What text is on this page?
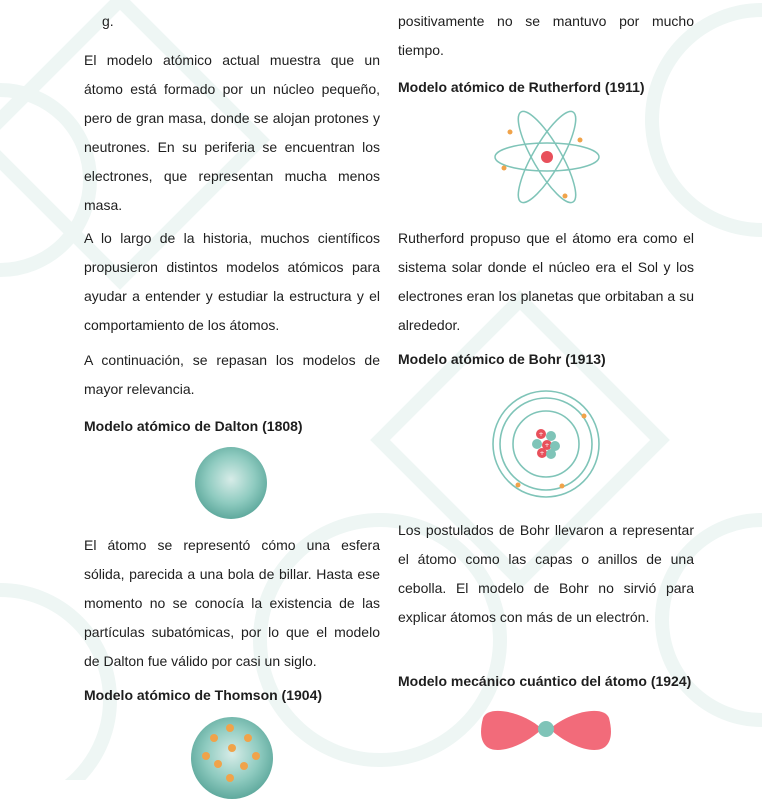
g.

El modelo atómico actual muestra que un átomo está formado por un núcleo pequeño, pero de gran masa, donde se alojan protones y neutrones. En su periferia se encuentran los electrones, que representan mucha menos masa.

A lo largo de la historia, muchos científicos propusieron distintos modelos atómicos para ayudar a entender y estudiar la estructura y el comportamiento de los átomos.

A continuación, se repasan los modelos de mayor relevancia.

Modelo atómico de Dalton (1808)

El átomo se representó cómo una esfera sólida, parecida a una bola de billar. Hasta ese momento no se conocía la existencia de las partículas subatómicas, por lo que el modelo de Dalton fue válido por casi un siglo.

Modelo atómico de Thomson (1904)

positivamente no se mantuvo por mucho tiempo.

Modelo atómico de Rutherford (1911)

Rutherford propuso que el átomo era como el sistema solar donde el núcleo era el Sol y los electrones eran los planetas que orbitaban a su alrededor.

Modelo atómico de Bohr (1913)
+
+
+

Los postulados de Bohr llevaron a representar el átomo como las capas o anillos de una cebolla. El modelo de Bohr no sirvió para explicar átomos con más de un electrón.

Modelo mecánico cuántico del átomo (1924)
